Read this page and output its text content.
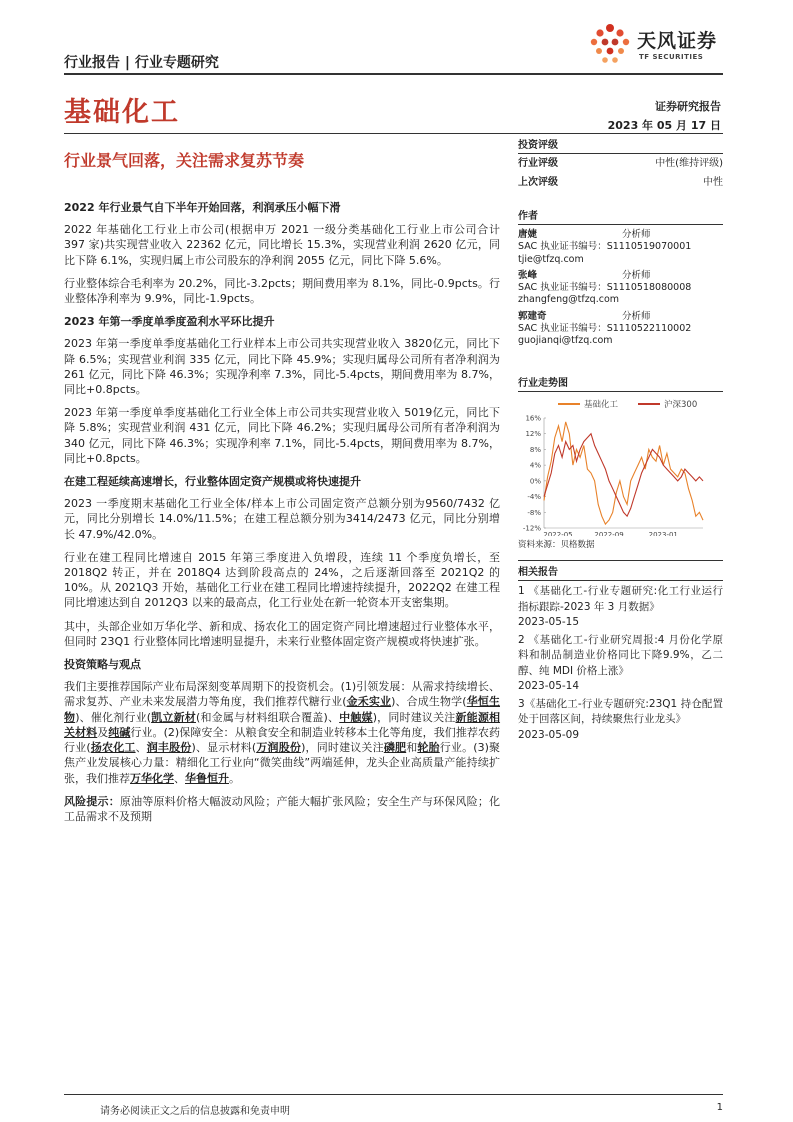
行业报告 | 行业专题研究
天风证券
TF SECURITIES
基础化工	证券研究报告
2023 年 05 月 17 日
行业景气回落，关注需求复苏节奏
2022 年行业景气自下半年开始回落，利润承压小幅下滑

2022 年基础化工行业上市公司(根据申万 2021 一级分类基础化工行业上市公司合计 397 家)共实现营业收入 22362 亿元，同比增长 15.3%，实现营业利润 2620 亿元，同比下降 6.1%，实现归属上市公司股东的净利润 2055 亿元，同比下降 5.6%。

行业整体综合毛利率为 20.2%，同比-3.2pcts；期间费用率为 8.1%，同比-0.9pcts。行业整体净利率为 9.9%，同比-1.9pcts。

2023 年第一季度单季度盈利水平环比提升

2023 年第一季度单季度基础化工行业样本上市公司共实现营业收入 3820亿元，同比下降 6.5%；实现营业利润 335 亿元，同比下降 45.9%；实现归属母公司所有者净利润为 261 亿元，同比下降 46.3%；实现净利率 7.3%，同比-5.4pcts，期间费用率为 8.7%，同比+0.8pcts。

2023 年第一季度单季度基础化工行业全体上市公司共实现营业收入 5019亿元，同比下降 5.8%；实现营业利润 431 亿元，同比下降 46.2%；实现归属母公司所有者净利润为 340 亿元，同比下降 46.3%；实现净利率 7.1%，同比-5.4pcts，期间费用率为 8.7%，同比+0.8pcts。

在建工程延续高速增长，行业整体固定资产规模或将快速提升

2023 一季度期末基础化工行业全体/样本上市公司固定资产总额分别为9560/7432 亿元，同比分别增长 14.0%/11.5%；在建工程总额分别为3414/2473 亿元，同比分别增长 47.9%/42.0%。

行业在建工程同比增速自 2015 年第三季度进入负增段，连续 11 个季度负增长，至 2018Q2 转正，并在 2018Q4 达到阶段高点的 24%，之后逐渐回落至 2021Q2 的 10%。从 2021Q3 开始，基础化工行业在建工程同比增速持续提升，2022Q2 在建工程同比增速达到自 2012Q3 以来的最高点，化工行业处在新一轮资本开支密集期。

其中，头部企业如万华化学、新和成、扬农化工的固定资产同比增速超过行业整体水平，但同时 23Q1 行业整体同比增速明显提升，未来行业整体固定资产规模或将快速扩张。

投资策略与观点

我们主要推荐国际产业布局深刻变革周期下的投资机会。(1)引领发展：从需求持续增长、需求复苏、产业未来发展潜力等角度，我们推荐代糖行业(金禾实业)、合成生物学(华恒生物)、催化剂行业(凯立新材(和金属与材料组联合覆盖)、中触媒)，同时建议关注新能源相关材料及纯碱行业。(2)保障安全：从粮食安全和制造业转移本土化等角度，我们推荐农药行业(扬农化工、润丰股份)、显示材料(万润股份)，同时建议关注磷肥和轮胎行业。(3)聚焦产业发展核心力量：精细化工行业向“微笑曲线”两端延伸，龙头企业高质量产能持续扩张，我们推荐万华化学、华鲁恒升。

风险提示：原油等原料价格大幅波动风险；产能大幅扩张风险；安全生产与环保风险；化工品需求不及预期

投资评级
行业评级	中性(维持评级)
上次评级	中性
作者
唐婕	分析师
SAC 执业证书编号：S1110519070001
tjie@tfzq.com
张峰	分析师
SAC 执业证书编号：S1110518080008
zhangfeng@tfzq.com
郭建奇	分析师
SAC 执业证书编号：S1110522110002
guojianqi@tfzq.com
行业走势图
基础化工	沪深300
16%
12%
8%
4%
0%
-4%
-8%
-12%
2022-05	2022-09	2023-01
资料来源：贝格数据
相关报告
1 《基础化工-行业专题研究:化工行业运行指标跟踪-2023 年 3 月数据》
2023-05-15
2 《基础化工-行业研究周报:4 月份化学原料和制品制造业价格同比下降9.9%，乙二醇、纯 MDI 价格上涨》
2023-05-14
3《基础化工-行业专题研究:23Q1 持仓配置处于回落区间，持续聚焦行业龙头》
2023-05-09
请务必阅读正文之后的信息披露和免责申明	1
